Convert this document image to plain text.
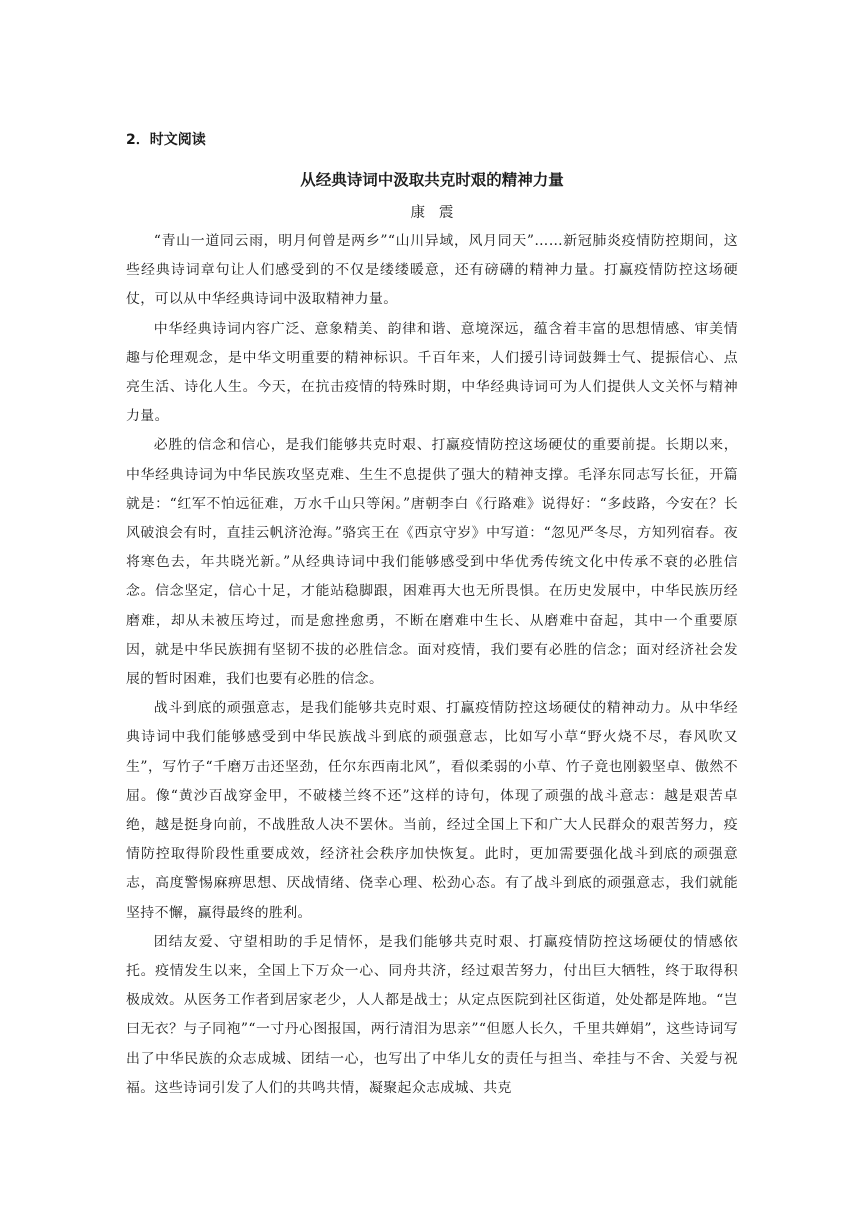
2．时文阅读
从经典诗词中汲取共克时艰的精神力量
康震

“青山一道同云雨，明月何曾是两乡”“山川异域，风月同天”……新冠肺炎疫情防控期间，这些经典诗词章句让人们感受到的不仅是缕缕暖意，还有磅礴的精神力量。打赢疫情防控这场硬仗，可以从中华经典诗词中汲取精神力量。

中华经典诗词内容广泛、意象精美、韵律和谐、意境深远，蕴含着丰富的思想情感、审美情趣与伦理观念，是中华文明重要的精神标识。千百年来，人们援引诗词鼓舞士气、提振信心、点亮生活、诗化人生。今天，在抗击疫情的特殊时期，中华经典诗词可为人们提供人文关怀与精神力量。

必胜的信念和信心，是我们能够共克时艰、打赢疫情防控这场硬仗的重要前提。长期以来，中华经典诗词为中华民族攻坚克难、生生不息提供了强大的精神支撑。毛泽东同志写长征，开篇就是：“红军不怕远征难，万水千山只等闲。”唐朝李白《行路难》说得好：“多歧路，今安在？长风破浪会有时，直挂云帆济沧海。”骆宾王在《西京守岁》中写道：“忽见严冬尽，方知列宿春。夜将寒色去，年共晓光新。”从经典诗词中我们能够感受到中华优秀传统文化中传承不衰的必胜信念。信念坚定，信心十足，才能站稳脚跟，困难再大也无所畏惧。在历史发展中，中华民族历经磨难，却从未被压垮过，而是愈挫愈勇，不断在磨难中生长、从磨难中奋起，其中一个重要原因，就是中华民族拥有坚韧不拔的必胜信念。面对疫情，我们要有必胜的信念；面对经济社会发展的暂时困难，我们也要有必胜的信念。

战斗到底的顽强意志，是我们能够共克时艰、打赢疫情防控这场硬仗的精神动力。从中华经典诗词中我们能够感受到中华民族战斗到底的顽强意志，比如写小草“野火烧不尽，春风吹又生”，写竹子“千磨万击还坚劲，任尔东西南北风”，看似柔弱的小草、竹子竟也刚毅坚卓、傲然不屈。像“黄沙百战穿金甲，不破楼兰终不还”这样的诗句，体现了顽强的战斗意志：越是艰苦卓绝，越是挺身向前，不战胜敌人决不罢休。当前，经过全国上下和广大人民群众的艰苦努力，疫情防控取得阶段性重要成效，经济社会秩序加快恢复。此时，更加需要强化战斗到底的顽强意志，高度警惕麻痹思想、厌战情绪、侥幸心理、松劲心态。有了战斗到底的顽强意志，我们就能坚持不懈，赢得最终的胜利。

团结友爱、守望相助的手足情怀，是我们能够共克时艰、打赢疫情防控这场硬仗的情感依托。疫情发生以来，全国上下万众一心、同舟共济，经过艰苦努力，付出巨大牺牲，终于取得积极成效。从医务工作者到居家老少，人人都是战士；从定点医院到社区街道，处处都是阵地。“岂曰无衣？与子同袍”“一寸丹心图报国，两行清泪为思亲”“但愿人长久，千里共婵娟”，这些诗词写出了中华民族的众志成城、团结一心，也写出了中华儿女的责任与担当、牵挂与不舍、关爱与祝福。这些诗词引发了人们的共鸣共情，凝聚起众志成城、共克
